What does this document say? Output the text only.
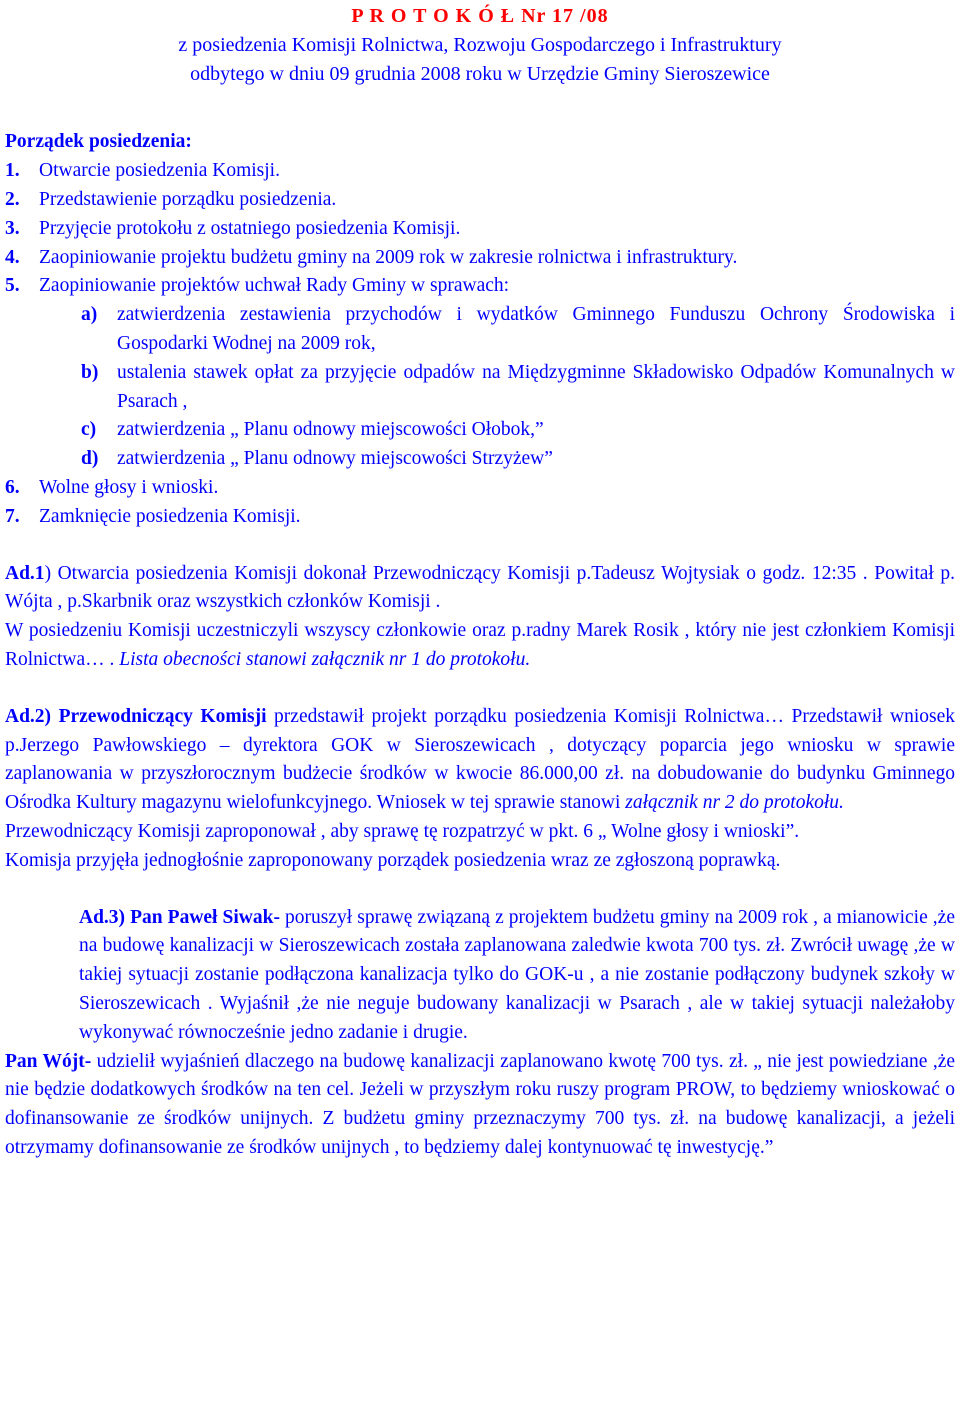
P R O T O K Ó Ł Nr 17 /08
z posiedzenia Komisji Rolnictwa, Rozwoju Gospodarczego i Infrastruktury
odbytego w dniu 09 grudnia 2008 roku w Urzędzie Gminy Sieroszewice
Porządek posiedzenia:
1. Otwarcie posiedzenia Komisji.
2. Przedstawienie porządku posiedzenia.
3. Przyjęcie protokołu z ostatniego posiedzenia Komisji.
4. Zaopiniowanie projektu budżetu gminy na 2009 rok w zakresie rolnictwa i infrastruktury.
5. Zaopiniowanie projektów uchwał Rady Gminy w sprawach:
a)	zatwierdzenia zestawienia przychodów i wydatków Gminnego Funduszu Ochrony Środowiska i Gospodarki Wodnej na 2009 rok,
b) ustalenia stawek opłat za przyjęcie odpadów na Międzygminne Składowisko Odpadów Komunalnych w Psarach ,
c)	zatwierdzenia „ Planu odnowy miejscowości Ołobok,”
d) zatwierdzenia „ Planu odnowy miejscowości Strzyżew”
6. Wolne głosy i wnioski.
7. Zamknięcie posiedzenia Komisji.

Ad.1) Otwarcia posiedzenia Komisji dokonał Przewodniczący Komisji p.Tadeusz Wojtysiak o godz. 12:35 . Powitał p. Wójta , p.Skarbnik oraz wszystkich członków Komisji .

W posiedzeniu Komisji uczestniczyli wszyscy członkowie oraz p.radny Marek Rosik , który nie jest członkiem Komisji Rolnictwa… . Lista obecności stanowi załącznik nr 1 do protokołu.

Ad.2) Przewodniczący Komisji przedstawił projekt porządku posiedzenia Komisji Rolnictwa… Przedstawił wniosek p.Jerzego Pawłowskiego – dyrektora GOK w Sieroszewicach , dotyczący poparcia jego wniosku w sprawie zaplanowania w przyszłorocznym budżecie środków w kwocie 86.000,00 zł. na dobudowanie do budynku Gminnego Ośrodka Kultury magazynu wielofunkcyjnego. Wniosek w tej sprawie stanowi załącznik nr 2 do protokołu.

Przewodniczący Komisji zaproponował , aby sprawę tę rozpatrzyć w pkt. 6 „ Wolne głosy i wnioski”.

Komisja przyjęła jednogłośnie zaproponowany porządek posiedzenia wraz ze zgłoszoną poprawką.

Ad.3) Pan Paweł Siwak- poruszył sprawę związaną z projektem budżetu gminy na 2009 rok , a mianowicie ,że na budowę kanalizacji w Sieroszewicach została zaplanowana zaledwie kwota 700 tys. zł. Zwrócił uwagę ,że w takiej sytuacji zostanie podłączona kanalizacja tylko do GOK-u , a nie zostanie podłączony budynek szkoły w Sieroszewicach . Wyjaśnił ,że nie neguje budowany kanalizacji w Psarach , ale w takiej sytuacji należałoby wykonywać równocześnie jedno zadanie i drugie.

Pan Wójt- udzielił wyjaśnień dlaczego na budowę kanalizacji zaplanowano kwotę 700 tys. zł. „ nie jest powiedziane ,że nie będzie dodatkowych środków na ten cel. Jeżeli w przyszłym roku ruszy program PROW, to będziemy wnioskować o dofinansowanie ze środków unijnych. Z budżetu gminy przeznaczymy 700 tys. zł. na budowę kanalizacji, a jeżeli otrzymamy dofinansowanie ze środków unijnych , to będziemy dalej kontynuować tę inwestycję.”
